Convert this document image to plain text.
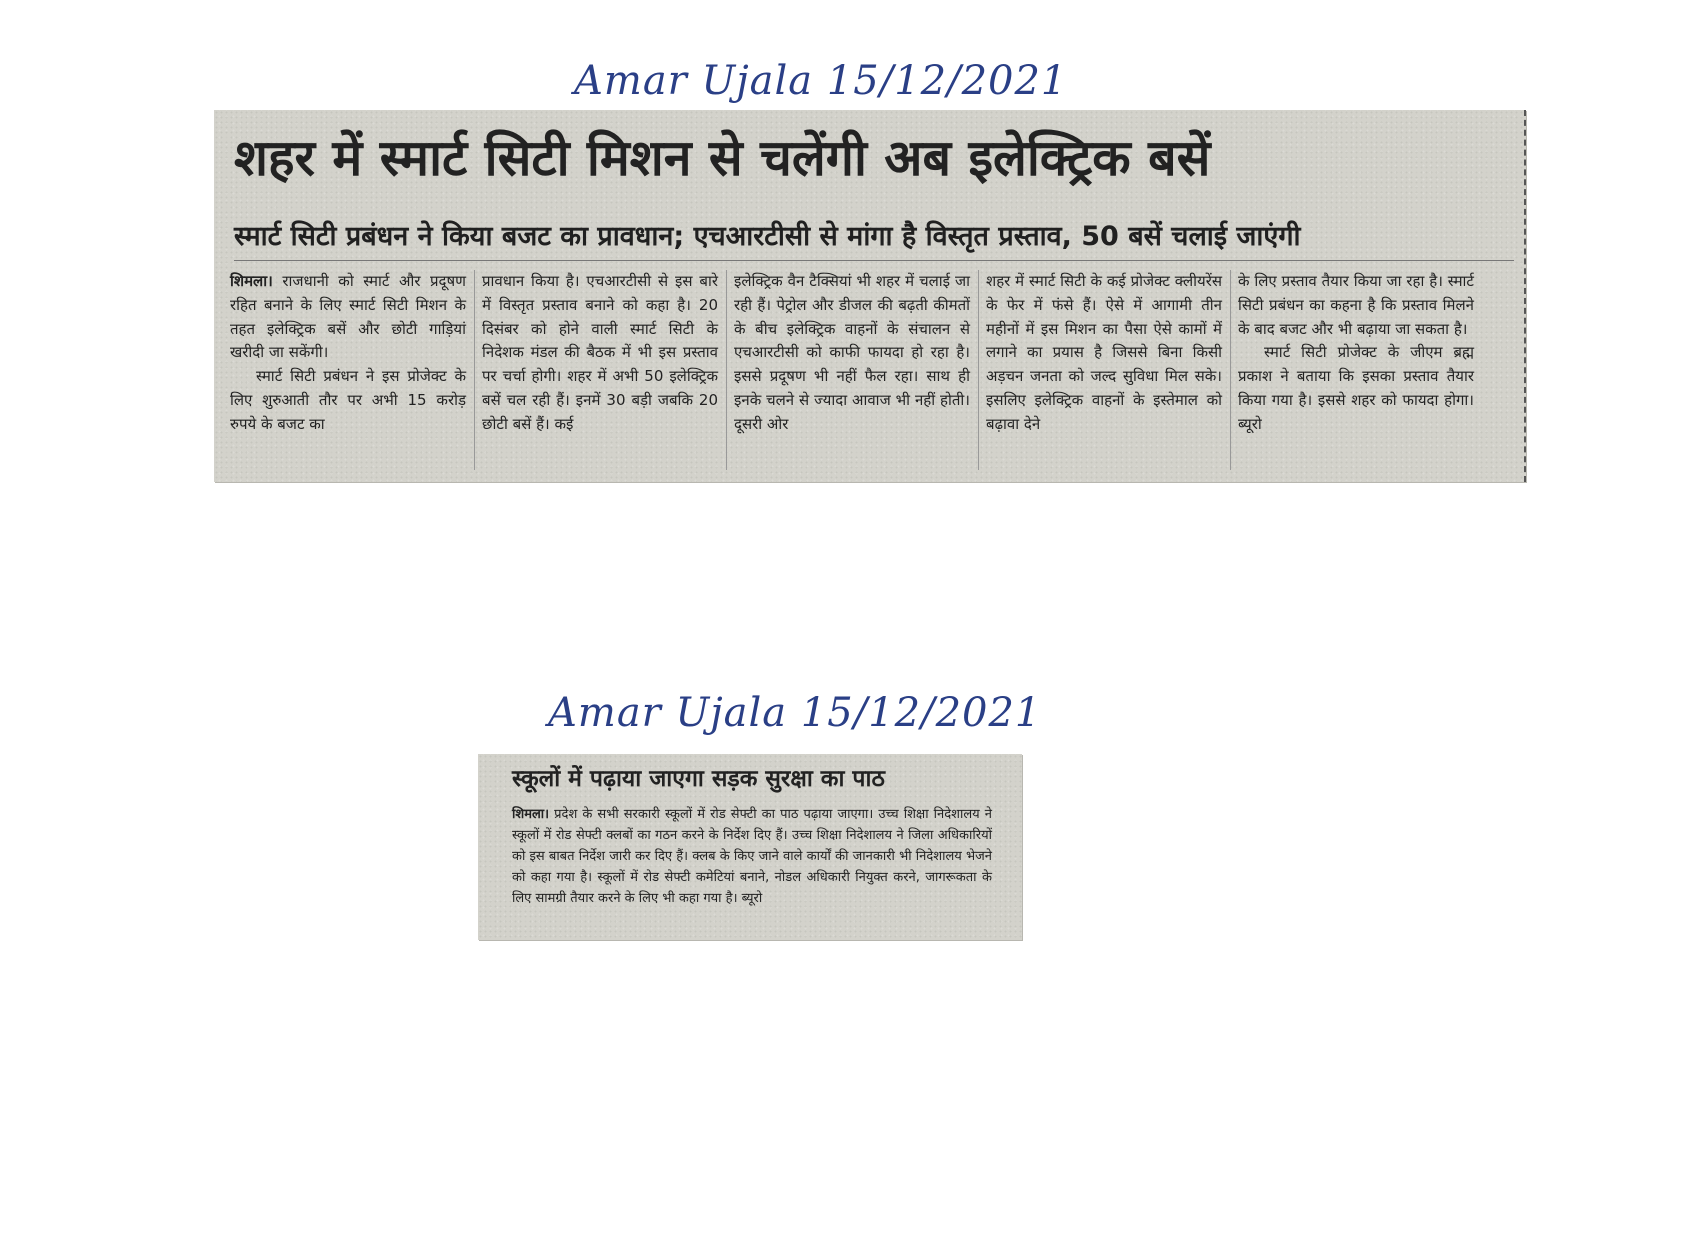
Amar Ujala 15/12/2021
शहर में स्मार्ट सिटी मिशन से चलेंगी अब इलेक्ट्रिक बसें
स्मार्ट सिटी प्रबंधन ने किया बजट का प्रावधान; एचआरटीसी से मांगा है विस्तृत प्रस्ताव, 50 बसें चलाई जाएंगी

शिमला। राजधानी को स्मार्ट और प्रदूषण रहित बनाने के लिए स्मार्ट सिटी मिशन के तहत इलेक्ट्रिक बसें और छोटी गाड़ियां खरीदी जा सकेंगी।

स्मार्ट सिटी प्रबंधन ने इस प्रोजेक्ट के लिए शुरुआती तौर पर अभी 15 करोड़ रुपये के बजट का

प्रावधान किया है। एचआरटीसी से इस बारे में विस्तृत प्रस्ताव बनाने को कहा है। 20 दिसंबर को होने वाली स्मार्ट सिटी के निदेशक मंडल की बैठक में भी इस प्रस्ताव पर चर्चा होगी। शहर में अभी 50 इलेक्ट्रिक बसें चल रही हैं। इनमें 30 बड़ी जबकि 20 छोटी बसें हैं। कई

इलेक्ट्रिक वैन टैक्सियां भी शहर में चलाई जा रही हैं। पेट्रोल और डीजल की बढ़ती कीमतों के बीच इलेक्ट्रिक वाहनों के संचालन से एचआरटीसी को काफी फायदा हो रहा है। इससे प्रदूषण भी नहीं फैल रहा। साथ ही इनके चलने से ज्यादा आवाज भी नहीं होती। दूसरी ओर

शहर में स्मार्ट सिटी के कई प्रोजेक्ट क्लीयरेंस के फेर में फंसे हैं। ऐसे में आगामी तीन महीनों में इस मिशन का पैसा ऐसे कामों में लगाने का प्रयास है जिससे बिना किसी अड़चन जनता को जल्द सुविधा मिल सके। इसलिए इलेक्ट्रिक वाहनों के इस्तेमाल को बढ़ावा देने

के लिए प्रस्ताव तैयार किया जा रहा है। स्मार्ट सिटी प्रबंधन का कहना है कि प्रस्ताव मिलने के बाद बजट और भी बढ़ाया जा सकता है।

स्मार्ट सिटी प्रोजेक्ट के जीएम ब्रह्म प्रकाश ने बताया कि इसका प्रस्ताव तैयार किया गया है। इससे शहर को फायदा होगा। ब्यूरो

Amar Ujala 15/12/2021
स्कूलों में पढ़ाया जाएगा सड़क सुरक्षा का पाठ
शिमला। प्रदेश के सभी सरकारी स्कूलों में रोड सेफ्टी का पाठ पढ़ाया जाएगा। उच्च शिक्षा निदेशालय ने स्कूलों में रोड सेफ्टी क्लबों का गठन करने के निर्देश दिए हैं। उच्च शिक्षा निदेशालय ने जिला अधिकारियों को इस बाबत निर्देश जारी कर दिए हैं। क्लब के किए जाने वाले कार्यों की जानकारी भी निदेशालय भेजने को कहा गया है। स्कूलों में रोड सेफ्टी कमेटियां बनाने, नोडल अधिकारी नियुक्त करने, जागरूकता के लिए सामग्री तैयार करने के लिए भी कहा गया है। ब्यूरो
